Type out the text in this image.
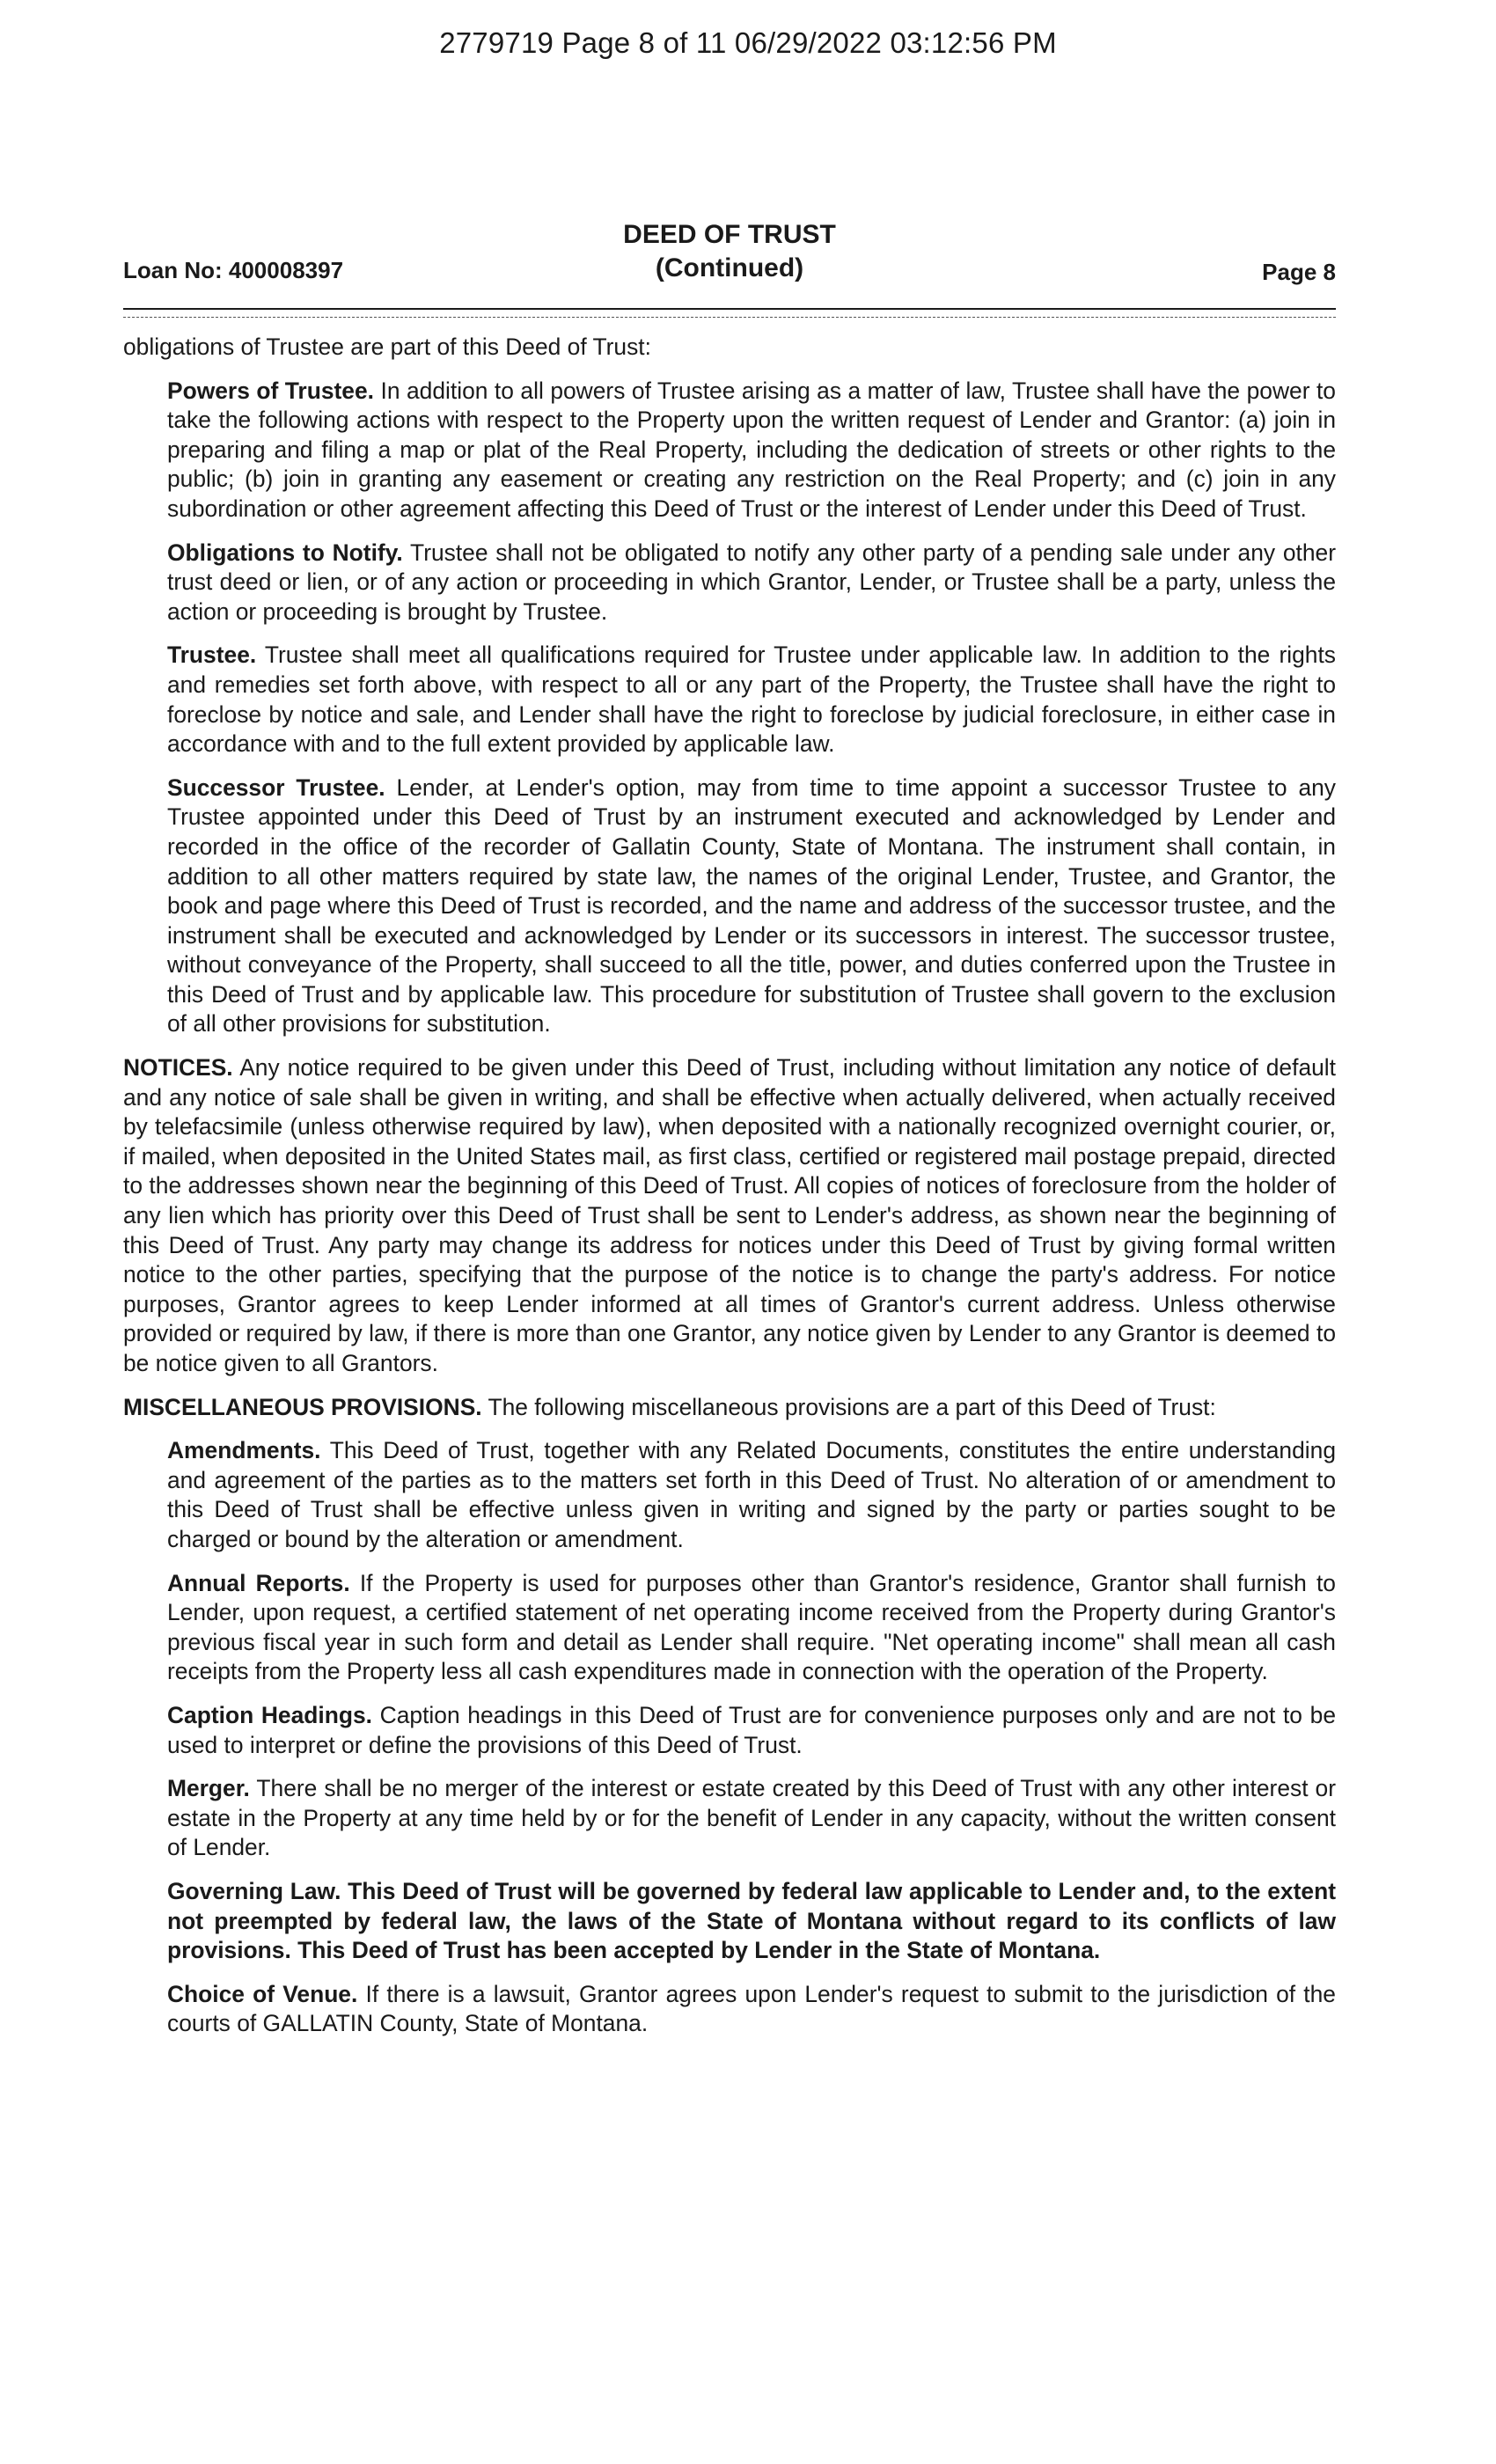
2779719 Page 8 of 11 06/29/2022 03:12:56 PM
Loan No: 400008397
DEED OF TRUST
(Continued)	Page 8

obligations of Trustee are part of this Deed of Trust:

Powers of Trustee. In addition to all powers of Trustee arising as a matter of law, Trustee shall have the power to take the following actions with respect to the Property upon the written request of Lender and Grantor: (a) join in preparing and filing a map or plat of the Real Property, including the dedication of streets or other rights to the public; (b) join in granting any easement or creating any restriction on the Real Property; and (c) join in any subordination or other agreement affecting this Deed of Trust or the interest of Lender under this Deed of Trust.

Obligations to Notify. Trustee shall not be obligated to notify any other party of a pending sale under any other trust deed or lien, or of any action or proceeding in which Grantor, Lender, or Trustee shall be a party, unless the action or proceeding is brought by Trustee.

Trustee. Trustee shall meet all qualifications required for Trustee under applicable law. In addition to the rights and remedies set forth above, with respect to all or any part of the Property, the Trustee shall have the right to foreclose by notice and sale, and Lender shall have the right to foreclose by judicial foreclosure, in either case in accordance with and to the full extent provided by applicable law.

Successor Trustee. Lender, at Lender's option, may from time to time appoint a successor Trustee to any Trustee appointed under this Deed of Trust by an instrument executed and acknowledged by Lender and recorded in the office of the recorder of Gallatin County, State of Montana. The instrument shall contain, in addition to all other matters required by state law, the names of the original Lender, Trustee, and Grantor, the book and page where this Deed of Trust is recorded, and the name and address of the successor trustee, and the instrument shall be executed and acknowledged by Lender or its successors in interest. The successor trustee, without conveyance of the Property, shall succeed to all the title, power, and duties conferred upon the Trustee in this Deed of Trust and by applicable law. This procedure for substitution of Trustee shall govern to the exclusion of all other provisions for substitution.

NOTICES. Any notice required to be given under this Deed of Trust, including without limitation any notice of default and any notice of sale shall be given in writing, and shall be effective when actually delivered, when actually received by telefacsimile (unless otherwise required by law), when deposited with a nationally recognized overnight courier, or, if mailed, when deposited in the United States mail, as first class, certified or registered mail postage prepaid, directed to the addresses shown near the beginning of this Deed of Trust. All copies of notices of foreclosure from the holder of any lien which has priority over this Deed of Trust shall be sent to Lender's address, as shown near the beginning of this Deed of Trust. Any party may change its address for notices under this Deed of Trust by giving formal written notice to the other parties, specifying that the purpose of the notice is to change the party's address. For notice purposes, Grantor agrees to keep Lender informed at all times of Grantor's current address. Unless otherwise provided or required by law, if there is more than one Grantor, any notice given by Lender to any Grantor is deemed to be notice given to all Grantors.

MISCELLANEOUS PROVISIONS. The following miscellaneous provisions are a part of this Deed of Trust:

Amendments. This Deed of Trust, together with any Related Documents, constitutes the entire understanding and agreement of the parties as to the matters set forth in this Deed of Trust. No alteration of or amendment to this Deed of Trust shall be effective unless given in writing and signed by the party or parties sought to be charged or bound by the alteration or amendment.

Annual Reports. If the Property is used for purposes other than Grantor's residence, Grantor shall furnish to Lender, upon request, a certified statement of net operating income received from the Property during Grantor's previous fiscal year in such form and detail as Lender shall require. "Net operating income" shall mean all cash receipts from the Property less all cash expenditures made in connection with the operation of the Property.

Caption Headings. Caption headings in this Deed of Trust are for convenience purposes only and are not to be used to interpret or define the provisions of this Deed of Trust.

Merger. There shall be no merger of the interest or estate created by this Deed of Trust with any other interest or estate in the Property at any time held by or for the benefit of Lender in any capacity, without the written consent of Lender.

Governing Law. This Deed of Trust will be governed by federal law applicable to Lender and, to the extent not preempted by federal law, the laws of the State of Montana without regard to its conflicts of law provisions. This Deed of Trust has been accepted by Lender in the State of Montana.

Choice of Venue. If there is a lawsuit, Grantor agrees upon Lender's request to submit to the jurisdiction of the courts of GALLATIN County, State of Montana.
